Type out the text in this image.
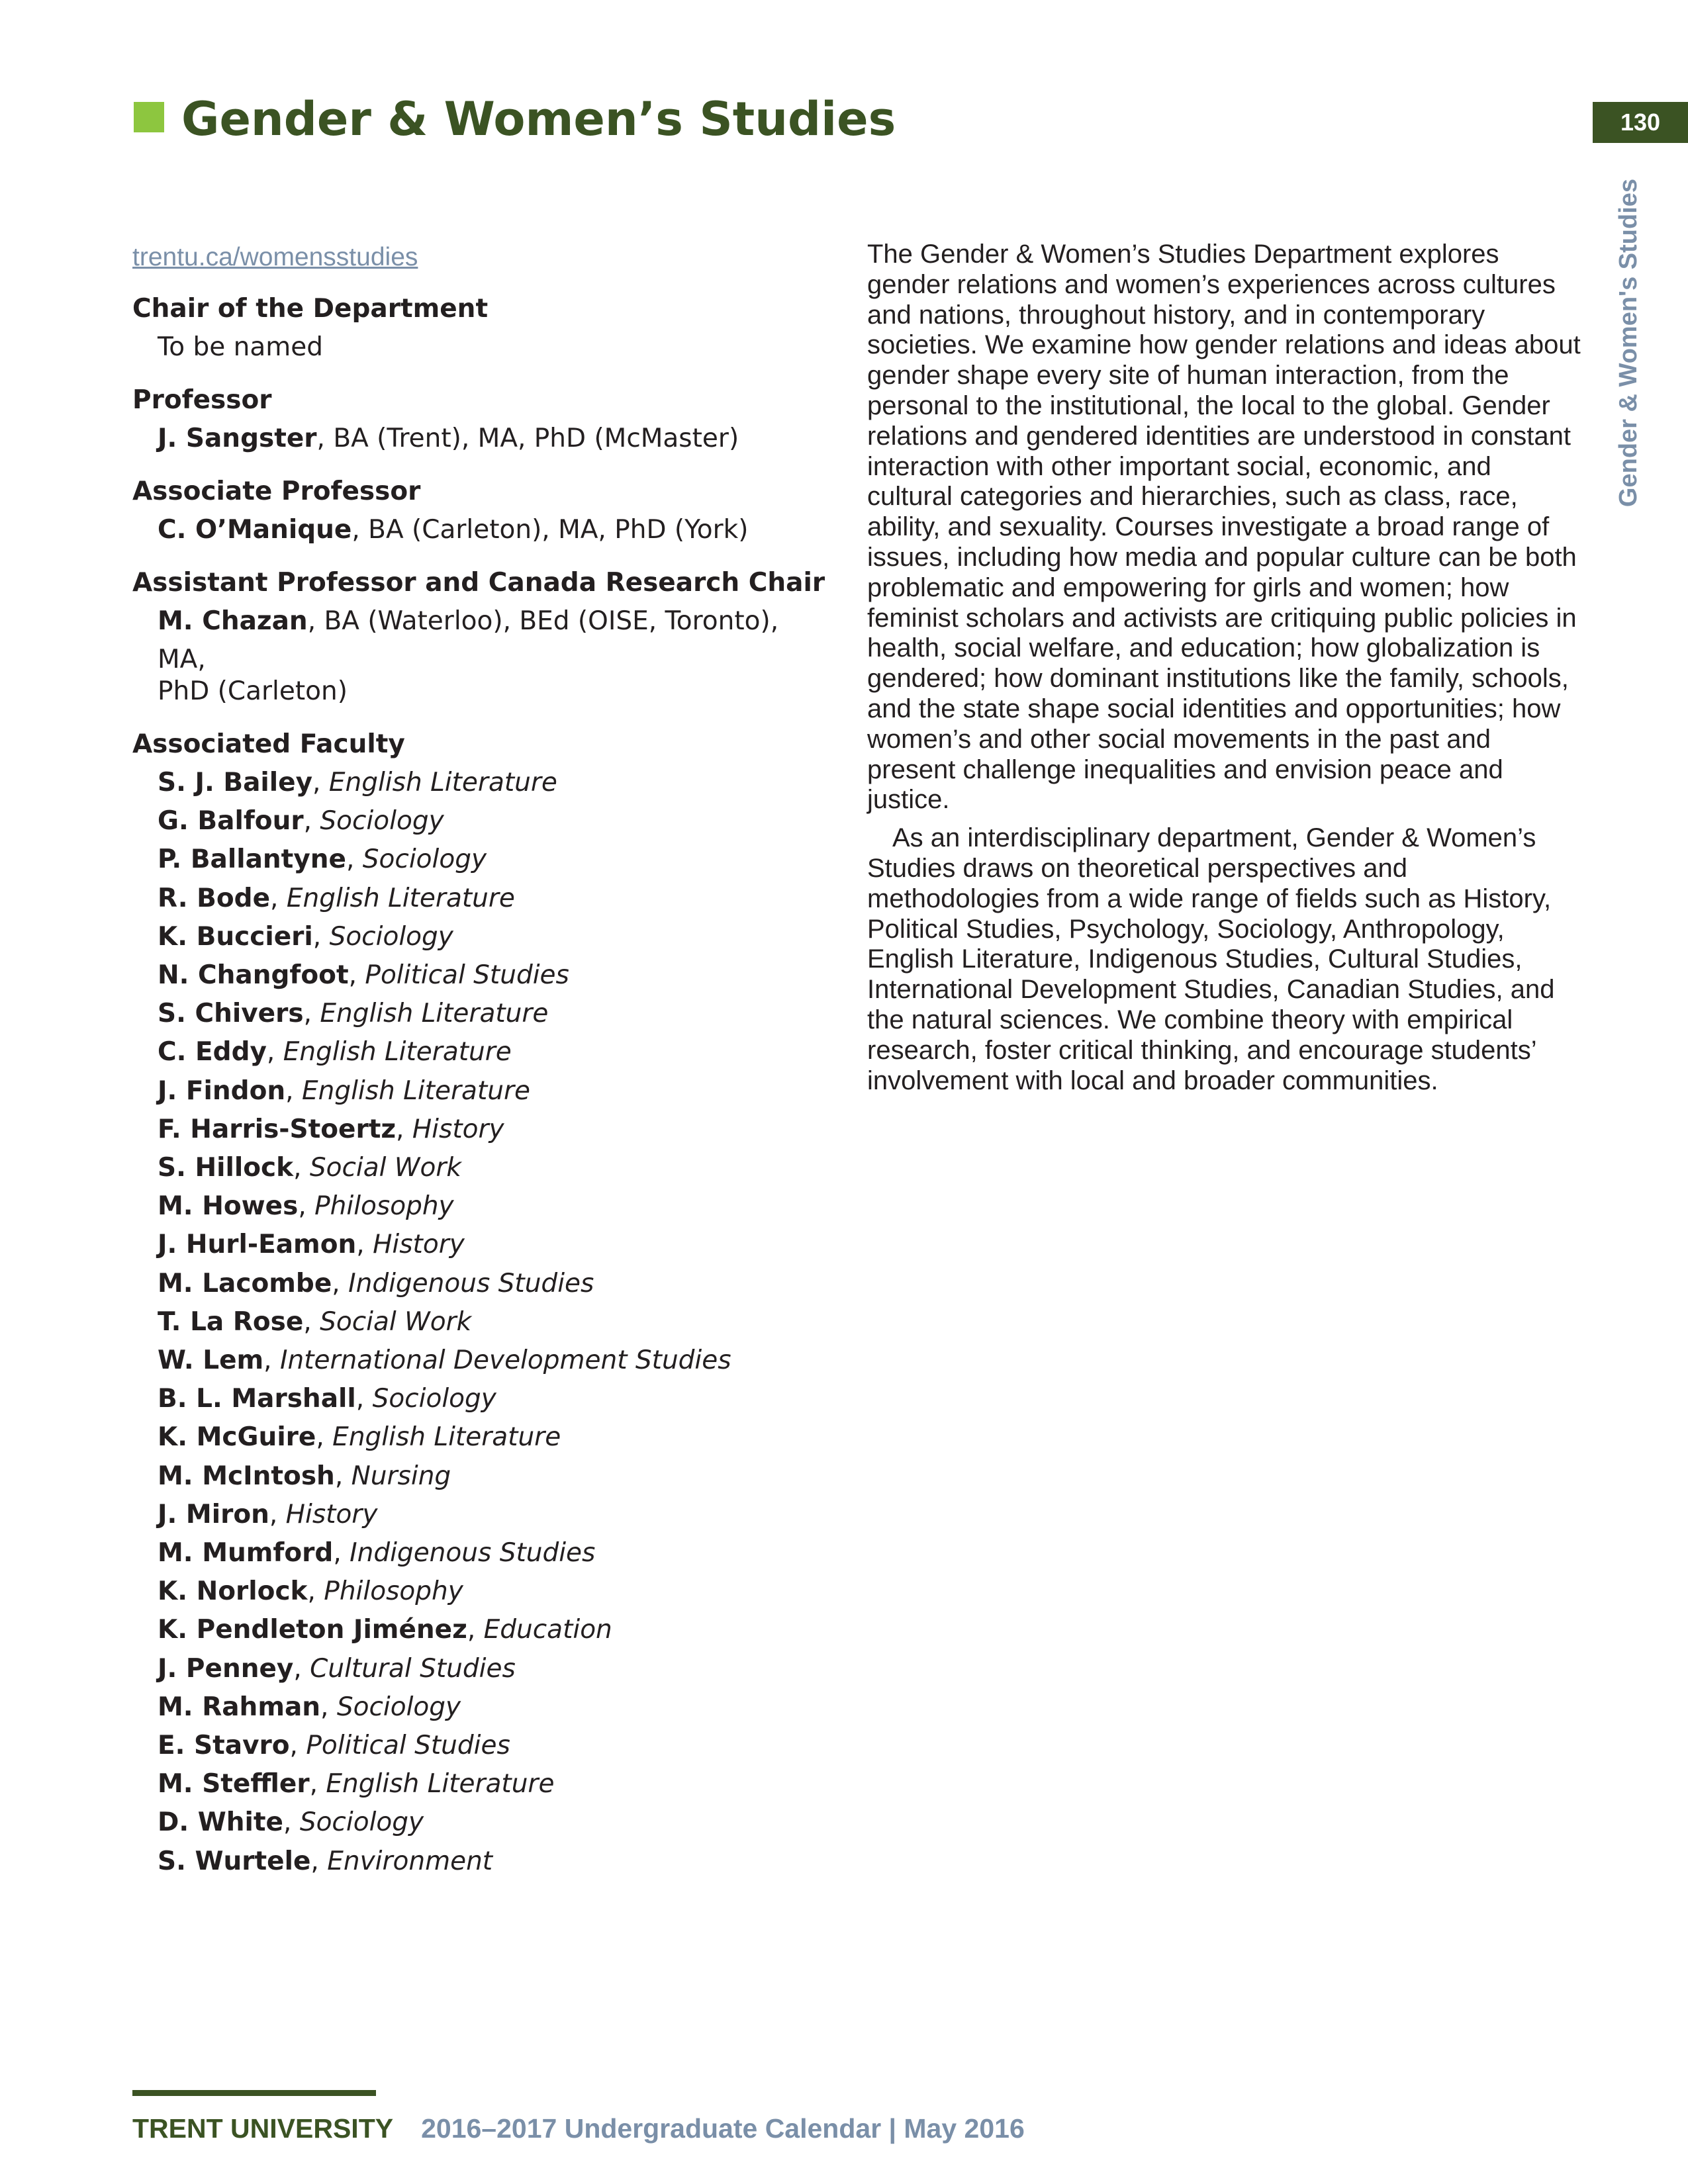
Gender & Women’s Studies	130
Gender & Women's Studies
trentu.ca/womensstudies

Chair of the Department

To be named

Professor

J. Sangster, BA (Trent), MA, PhD (McMaster)

Associate Professor

C. O’Manique, BA (Carleton), MA, PhD (York)

Assistant Professor and Canada Research Chair

M. Chazan, BA (Waterloo), BEd (OISE, Toronto), MA,

PhD (Carleton)

Associated Faculty

S. J. Bailey, English Literature
G. Balfour, Sociology
P. Ballantyne, Sociology
R. Bode, English Literature
K. Buccieri, Sociology
N. Changfoot, Political Studies
S. Chivers, English Literature
C. Eddy, English Literature
J. Findon, English Literature
F. Harris-Stoertz, History
S. Hillock, Social Work
M. Howes, Philosophy
J. Hurl-Eamon, History
M. Lacombe, Indigenous Studies
T. La Rose, Social Work
W. Lem, International Development Studies
B. L. Marshall, Sociology
K. McGuire, English Literature
M. McIntosh, Nursing
J. Miron, History
M. Mumford, Indigenous Studies
K. Norlock, Philosophy
K. Pendleton Jiménez, Education
J. Penney, Cultural Studies
M. Rahman, Sociology
E. Stavro, Political Studies
M. Steffler, English Literature
D. White, Sociology
S. Wurtele, Environment

The Gender & Women’s Studies Department explores gender relations and women’s experiences across cultures and nations, throughout history, and in contemporary societies. We examine how gender relations and ideas about gender shape every site of human interaction, from the personal to the institutional, the local to the global. Gender relations and gendered identities are understood in constant interaction with other important social, economic, and cultural categories and hierarchies, such as class, race, ability, and sexuality. Courses investigate a broad range of issues, including how media and popular culture can be both problematic and empowering for girls and women; how feminist scholars and activists are critiquing public policies in health, social welfare, and education; how globalization is gendered; how dominant institutions like the family, schools, and the state shape social identities and opportunities; how women’s and other social movements in the past and present challenge inequalities and envision peace and justice.

As an interdisciplinary department, Gender & Women’s Studies draws on theoretical perspectives and methodologies from a wide range of fields such as History, Political Studies, Psychology, Sociology, Anthropology, English Literature, Indigenous Studies, Cultural Studies, International Development Studies, Canadian Studies, and the natural sciences. We combine theory with empirical research, foster critical thinking, and encourage students’ involvement with local and broader communities.

TRENT UNIVERSITY 2016–2017 Undergraduate Calendar | May 2016
